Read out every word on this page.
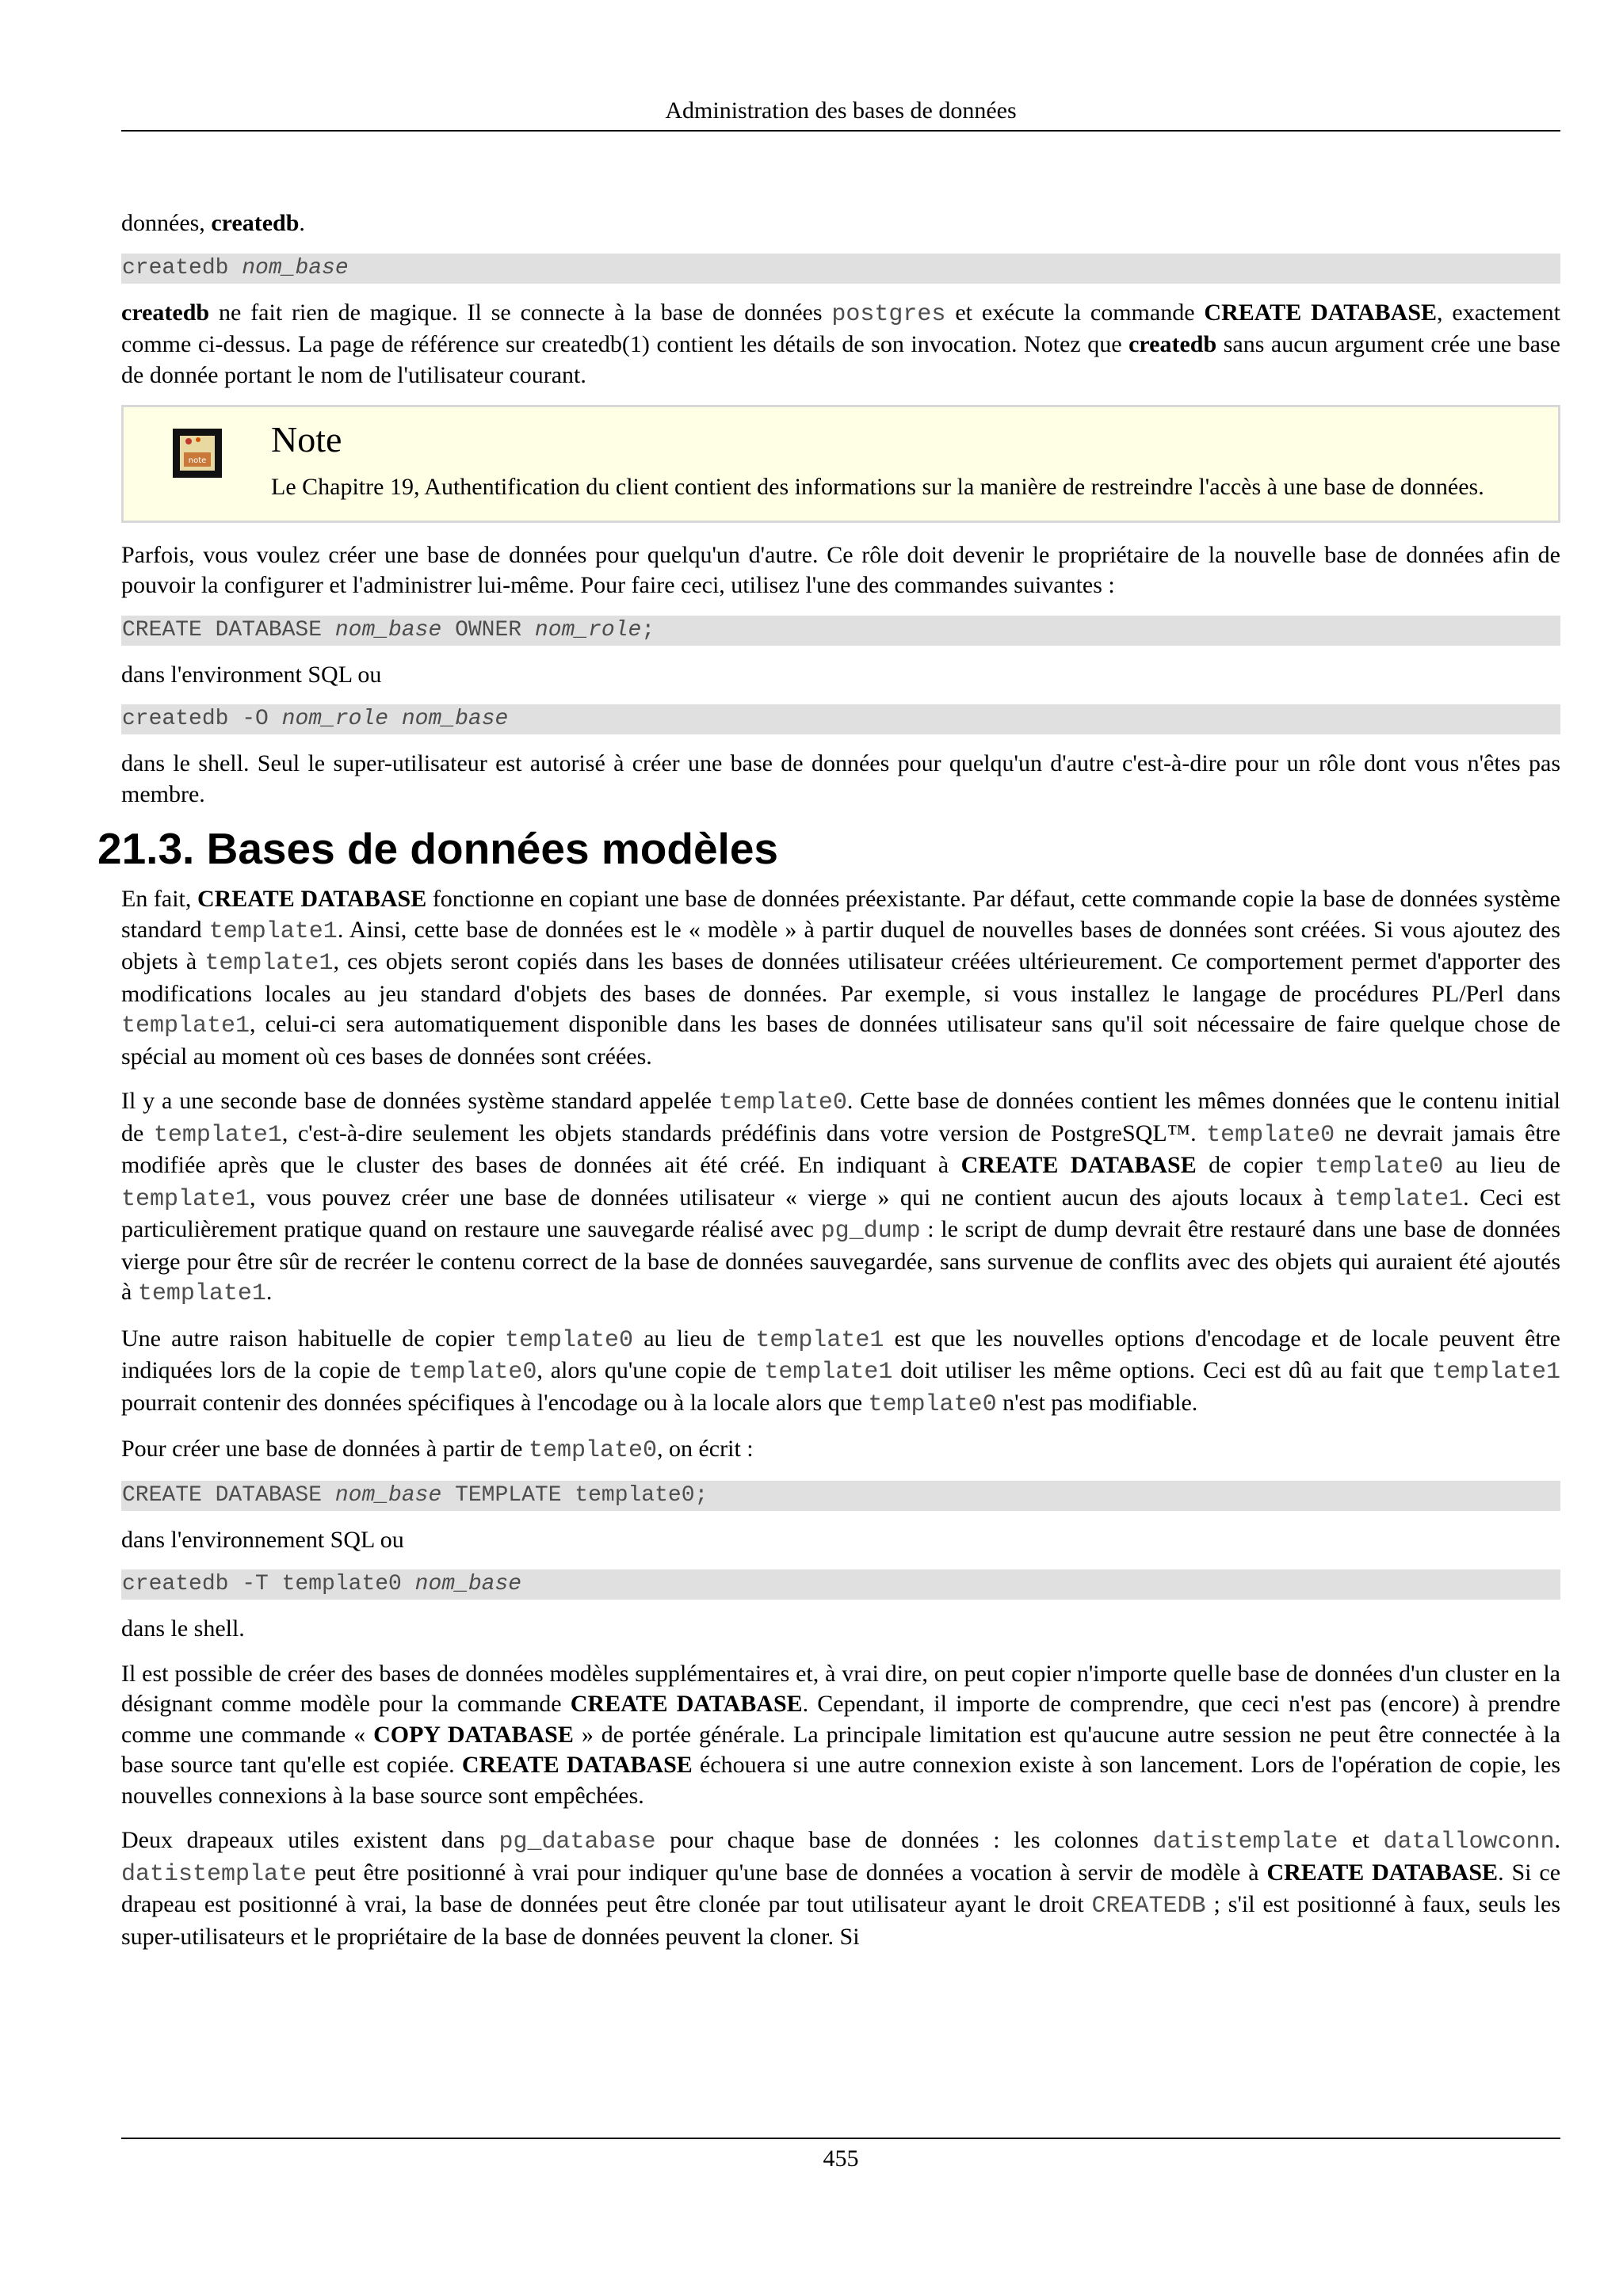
Administration des bases de données

données, createdb.

createdb nom_base

createdb ne fait rien de magique. Il se connecte à la base de données postgres et exécute la commande CREATE DATABASE, exactement comme ci-dessus. La page de référence sur createdb(1) contient les détails de son invocation. Notez que createdb sans aucun argument crée une base de donnée portant le nom de l'utilisateur courant.

note
Note

Le Chapitre 19, Authentification du client contient des informations sur la manière de restreindre l'accès à une base de données.

Parfois, vous voulez créer une base de données pour quelqu'un d'autre. Ce rôle doit devenir le propriétaire de la nouvelle base de données afin de pouvoir la configurer et l'administrer lui-même. Pour faire ceci, utilisez l'une des commandes suivantes :

CREATE DATABASE nom_base OWNER nom_role;

dans l'environment SQL ou

createdb -O nom_role nom_base

dans le shell. Seul le super-utilisateur est autorisé à créer une base de données pour quelqu'un d'autre c'est-à-dire pour un rôle dont vous n'êtes pas membre.

21.3. Bases de données modèles

En fait, CREATE DATABASE fonctionne en copiant une base de données préexistante. Par défaut, cette commande copie la base de données système standard template1. Ainsi, cette base de données est le « modèle » à partir duquel de nouvelles bases de données sont créées. Si vous ajoutez des objets à template1, ces objets seront copiés dans les bases de données utilisateur créées ultérieurement. Ce comportement permet d'apporter des modifications locales au jeu standard d'objets des bases de données. Par exemple, si vous installez le langage de procédures PL/Perl dans template1, celui-ci sera automatiquement disponible dans les bases de données utilisateur sans qu'il soit nécessaire de faire quelque chose de spécial au moment où ces bases de données sont créées.

Il y a une seconde base de données système standard appelée template0. Cette base de données contient les mêmes données que le contenu initial de template1, c'est-à-dire seulement les objets standards prédéfinis dans votre version de PostgreSQL™. template0 ne devrait jamais être modifiée après que le cluster des bases de données ait été créé. En indiquant à CREATE DATABASE de copier template0 au lieu de template1, vous pouvez créer une base de données utilisateur « vierge » qui ne contient aucun des ajouts locaux à template1. Ceci est particulièrement pratique quand on restaure une sauvegarde réalisé avec pg_dump : le script de dump devrait être restauré dans une base de données vierge pour être sûr de recréer le contenu correct de la base de données sauvegardée, sans survenue de conflits avec des objets qui auraient été ajoutés à template1.

Une autre raison habituelle de copier template0 au lieu de template1 est que les nouvelles options d'encodage et de locale peuvent être indiquées lors de la copie de template0, alors qu'une copie de template1 doit utiliser les même options. Ceci est dû au fait que template1 pourrait contenir des données spécifiques à l'encodage ou à la locale alors que template0 n'est pas modifiable.

Pour créer une base de données à partir de template0, on écrit :

CREATE DATABASE nom_base TEMPLATE template0;

dans l'environnement SQL ou

createdb -T template0 nom_base

dans le shell.

Il est possible de créer des bases de données modèles supplémentaires et, à vrai dire, on peut copier n'importe quelle base de données d'un cluster en la désignant comme modèle pour la commande CREATE DATABASE. Cependant, il importe de comprendre, que ceci n'est pas (encore) à prendre comme une commande « COPY DATABASE » de portée générale. La principale limitation est qu'aucune autre session ne peut être connectée à la base source tant qu'elle est copiée. CREATE DATABASE échouera si une autre connexion existe à son lancement. Lors de l'opération de copie, les nouvelles connexions à la base source sont empêchées.

Deux drapeaux utiles existent dans pg_database pour chaque base de données : les colonnes datistemplate et datallowconn. datistemplate peut être positionné à vrai pour indiquer qu'une base de données a vocation à servir de modèle à CREATE DATABASE. Si ce drapeau est positionné à vrai, la base de données peut être clonée par tout utilisateur ayant le droit CREATEDB ; s'il est positionné à faux, seuls les super-utilisateurs et le propriétaire de la base de données peuvent la cloner. Si

455
